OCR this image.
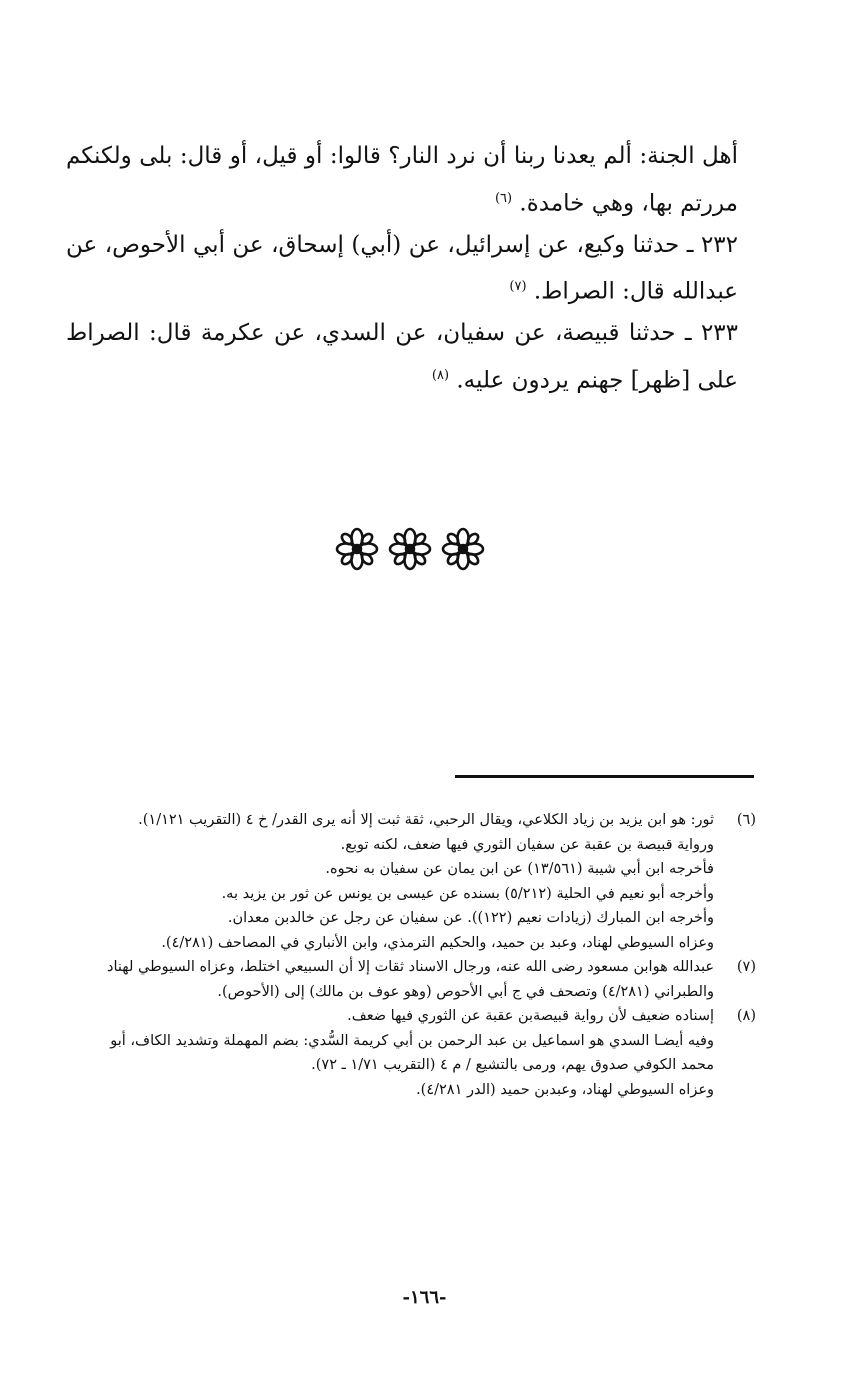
أهل الجنة: ألم يعدنا ربنا أن نرد النار؟ قالوا: أو قيل، أو قال: بلى ولكنكم مررتم بها، وهي خامدة. $^{(٦)}$

٢٣٢ ـ حدثنا وكيع، عن إسرائيل، عن (أبي) إسحاق، عن أبي الأحوص، عن عبدالله قال: الصراط. $^{(٧)}$

٢٣٣ ـ حدثنا قبيصة، عن سفيان، عن السدي، عن عكرمة قال: الصراط على [ظهر] جهنم يردون عليه. $^{(٨)}$

(٦)

ثور: هو ابن يزيد بن زياد الكلاعي، ويقال الرحبي، ثقة ثبت إلا أنه يرى القدر/ خ ٤ (التقريب ١/١٢١).

ورواية قبيصة بن عقبة عن سفيان الثوري فيها ضعف، لكنه توبع.

فأخرجه ابن أبي شيبة (١٣/٥٦١) عن ابن يمان عن سفيان به نحوه.

وأخرجه أبو نعيم في الحلية (٥/٢١٢) بسنده عن عيسى بن يونس عن ثور بن يزيد به.

وأخرجه ابن المبارك (زيادات نعيم (١٢٢)). عن سفيان عن رجل عن خالدبن معدان.

وعزاه السيوطي لهناد، وعبد بن حميد، والحكيم الترمذي، وابن الأنباري في المصاحف (٤/٢٨١).

(٧)

عبدالله هوابن مسعود رضى الله عنه، ورجال الاسناد ثقات إلا أن السبيعي اختلط، وعزاه السيوطي لهناد والطبراني (٤/٢٨١) وتصحف في ج أبي الأحوص (وهو عوف بن مالك) إلى (الأحوص).

(٨)

إسناده ضعيف لأن رواية قبيصةبن عقبة عن الثوري فيها ضعف.

وفيه أيضـا السدي هو اسماعيل بن عبد الرحمن بن أبي كريمة السُّدي: بضم المهملة وتشديد الكاف، أبو محمد الكوفي صدوق يهم، ورمى بالتشيع / م ٤ (التقريب ١/٧١ ـ ٧٢).

وعزاه السيوطي لهناد، وعبدبن حميد (الدر ٤/٢٨١).

-١٦٦-
